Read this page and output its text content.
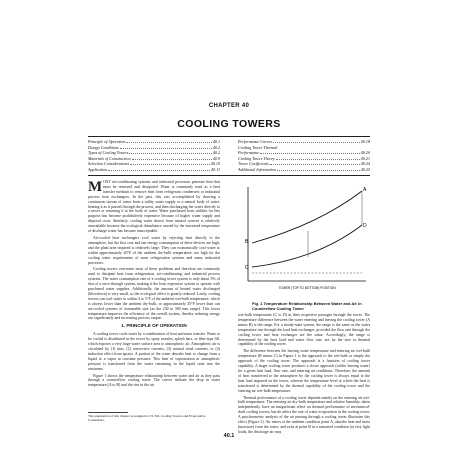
CHAPTER 40
COOLING TOWERS
Principle of Operation	40.1
Design Conditions	40.2
Types of Cooling Towers	40.2
Materials of Construction	40.9
Selection Considerations	40.10
Application	40.11
Performance Curves	40.18
Cooling Tower Thermal
Performance	40.20
Cooling Tower Theory	40.21
Tower Coefficients	40.24
Additional Information	40.25

MOST air-conditioning systems and industrial processes generate heat that must be removed and dissipated. Water is commonly used as a heat transfer medium to remove heat from refrigerant condensers or industrial process heat exchangers. In the past, this was accomplished by drawing a continuous stream of water from a utility water supply or a natural body of water, heating it as it passed through the process, and then discharging the water directly to a sewer or returning it to the body of water. Water purchased from utilities for this purpose has become prohibitively expensive because of higher water supply and disposal costs. Similarly, cooling water drawn from natural sources is relatively unavailable because the ecological disturbance caused by the increased temperature of discharge water has become unacceptable.

Air-cooled heat exchangers cool water by rejecting heat directly to the atmosphere, but the first cost and fan energy consumption of these devices are high, and the plant area required is relatively large. They can economically cool water to within approximately 20°F of the ambient dry-bulb temperature; too high for the cooling water requirements of most refrigeration systems and many industrial processes.

Cooling towers overcome most of these problems and therefore are commonly used to dissipate heat from refrigeration, air-conditioning, and industrial process systems. The water consumption rate of a cooling tower system is only about 5% of that of a once-through system, making it the least expensive system to operate with purchased water supplies. Additionally, the amount of heated water discharged (blowdown) is very small, so the ecological effect is greatly reduced. Lastly, cooling towers can cool water to within 4 to 5°F of the ambient wet-bulb temperature, which is always lower than the ambient dry-bulb, or approximately 35°F lower than can air-cooled systems of reasonable size (as the 230 to 300 mm range). This lower temperature improves the efficiency of the overall system, thereby reducing energy use significantly and increasing process output.

1. PRINCIPLE OF OPERATION

A cooling tower cools water by a combination of heat and mass transfer. Water to be cooled is distributed in the tower by spray nozzles, splash bars, or film-type fill, which exposes a very large water surface area to atmospheric air. Atmospheric air is circulated by (1) fans, (2) convective currents, (3) natural wind currents, or (4) induction effect from sprays. A portion of the water absorbs heat to change from a liquid to a vapor at constant pressure. This heat of vaporization at atmospheric pressure is transferred from the water remaining in the liquid state into the airstream.

Figure 1 shows the temperature relationship between water and air as they pass through a counterflow cooling tower. The curves indicate the drop in water temperature (A to B) and the rise in the air

A
B
C
D
TOWER (TOP TO BOTTOM) POSITION
Fig. 1 Temperature Relationship Between Water and Air in Counterflow Cooling Tower

wet-bulb temperature (C to D) in their respective passages through the tower. The temperature difference between the water entering and leaving the cooling tower (A minus B) is the range. For a steady-state system, the range is the same as the water temperature rise through the load heat exchanger, provided the flow rate through the cooling tower and heat exchanger are the same. Accordingly, the range is determined by the heat load and water flow rate, not by the size or thermal capability of the cooling tower.

The difference between the leaving water temperature and entering air wet-bulb temperature (B minus C) in Figure 1 is the approach to the wet-bulb or simply the approach of the cooling tower. The approach is a function of cooling tower capability. A larger cooling tower produces a closer approach (colder leaving water) for a given heat load, flow rate, and entering air conditions. Therefore, the amount of heat transferred to the atmosphere by the cooling tower is always equal to the heat load imposed on the tower, whereas the temperature level at which the heat is transferred is determined by the thermal capability of the cooling tower and the entering air wet-bulb temperature.

Thermal performance of a cooling tower depends mainly on the entering air wet-bulb temperature. The entering air dry-bulb temperature and relative humidity, taken independently, have an insignificant effect on thermal performance of mechanical-draft cooling towers, but do affect the rate of water evaporation in the cooling tower. A psychrometric analysis of the air passing through a cooling tower illustrates this effect (Figure 2). Air enters at the ambient condition point A, absorbs heat and mass (moisture) from the water, and exits at point B in a saturated condition (at very light loads, the discharge air may

The preparation of this chapter is assigned to TC 8.6, Cooling Towers and Evaporative Condensers.
40.1
